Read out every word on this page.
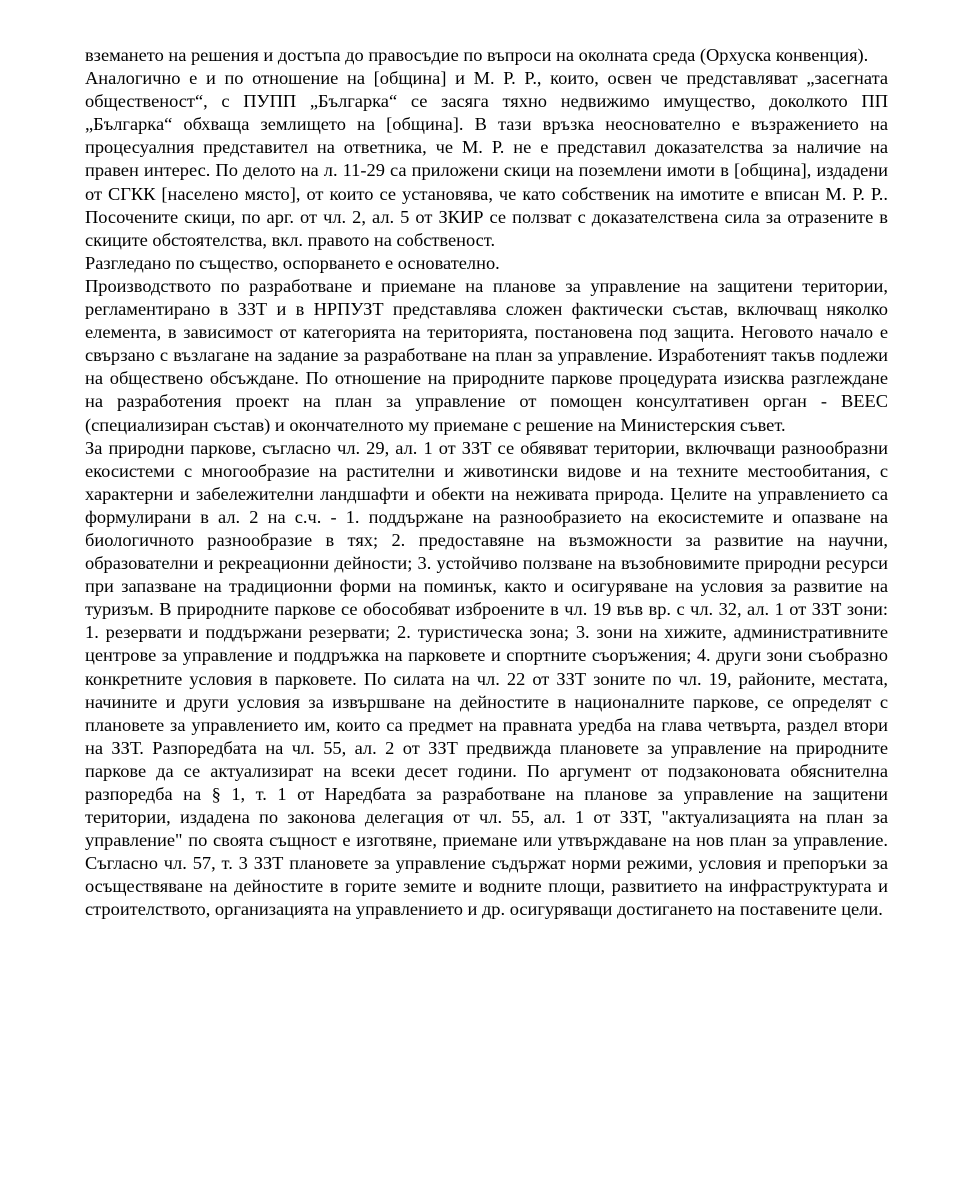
вземането на решения и достъпа до правосъдие по въпроси на околната среда (Орхуска конвенция).

Аналогично е и по отношение на [община] и М. Р. Р., които, освен че представляват „засегната общественост“, с ПУПП „Българка“ се засяга тяхно недвижимо имущество, доколкото ПП „Българка“ обхваща землището на [община]. В тази връзка неоснователно е възражението на процесуалния представител на ответника, че М. Р. не е представил доказателства за наличие на правен интерес. По делото на л. 11-29 са приложени скици на поземлени имоти в [община], издадени от СГКК [населено място], от които се установява, че като собственик на имотите е вписан М. Р. Р.. Посочените скици, по арг. от чл. 2, ал. 5 от ЗКИР се ползват с доказателствена сила за отразените в скиците обстоятелства, вкл. правото на собственост.

Разгледано по същество, оспорването е основателно.

Производството по разработване и приемане на планове за управление на защитени територии, регламентирано в ЗЗТ и в НРПУЗТ представлява сложен фактически състав, включващ няколко елемента, в зависимост от категорията на територията, постановена под защита. Неговото начало е свързано с възлагане на задание за разработване на план за управление. Изработеният такъв подлежи на обществено обсъждане. По отношение на природните паркове процедурата изисква разглеждане на разработения проект на план за управление от помощен консултативен орган - ВЕЕС (специализиран състав) и окончателното му приемане с решение на Министерския съвет.

За природни паркове, съгласно чл. 29, ал. 1 от ЗЗТ се обявяват територии, включващи разнообразни екосистеми с многообразие на растителни и животински видове и на техните местообитания, с характерни и забележителни ландшафти и обекти на неживата природа. Целите на управлението са формулирани в ал. 2 на с.ч. - 1. поддържане на разнообразието на екосистемите и опазване на биологичното разнообразие в тях; 2. предоставяне на възможности за развитие на научни, образователни и рекреационни дейности; 3. устойчиво ползване на възобновимите природни ресурси при запазване на традиционни форми на поминък, както и осигуряване на условия за развитие на туризъм. В природните паркове се обособяват изброените в чл. 19 във вр. с чл. 32, ал. 1 от ЗЗТ зони: 1. резервати и поддържани резервати; 2. туристическа зона; 3. зони на хижите, административните центрове за управление и поддръжка на парковете и спортните съоръжения; 4. други зони съобразно конкретните условия в парковете. По силата на чл. 22 от ЗЗТ зоните по чл. 19, районите, местата, начините и други условия за извършване на дейностите в националните паркове, се определят с плановете за управлението им, които са предмет на правната уредба на глава четвърта, раздел втори на ЗЗТ. Разпоредбата на чл. 55, ал. 2 от ЗЗТ предвижда плановете за управление на природните паркове да се актуализират на всеки десет години. По аргумент от подзаконовата обяснителна разпоредба на § 1, т. 1 от Наредбата за разработване на планове за управление на защитени територии, издадена по законова делегация от чл. 55, ал. 1 от ЗЗТ, "актуализацията на план за управление" по своята същност е изготвяне, приемане или утвърждаване на нов план за управление. Съгласно чл. 57, т. 3 ЗЗТ плановете за управление съдържат норми режими, условия и препоръки за осъществяване на дейностите в горите земите и водните площи, развитието на инфраструктурата и строителството, организацията на управлението и др. осигуряващи достигането на поставените цели.
